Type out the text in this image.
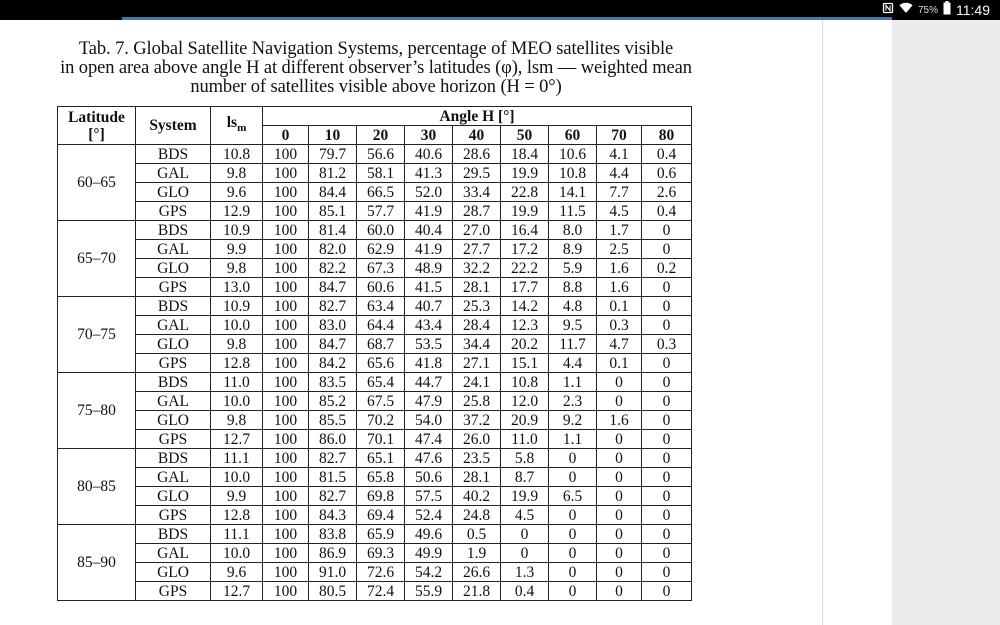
75% 11:49
Tab. 7. Global Satellite Navigation Systems, percentage of MEO satellites visible
in open area above angle H at different observer’s latitudes (φ), lsm — weighted mean
number of satellites visible above horizon (H = 0°)
Latitude
[°]	System	$ls_m$	Angle H [°]								
			0	10	20	30	40	50	60	70	80
60–65	BDS	10.8	100	79.7	56.6	40.6	28.6	18.4	10.6	4.1	0.4
	GAL	9.8	100	81.2	58.1	41.3	29.5	19.9	10.8	4.4	0.6
	GLO	9.6	100	84.4	66.5	52.0	33.4	22.8	14.1	7.7	2.6
	GPS	12.9	100	85.1	57.7	41.9	28.7	19.9	11.5	4.5	0.4
65–70	BDS	10.9	100	81.4	60.0	40.4	27.0	16.4	8.0	1.7	0
	GAL	9.9	100	82.0	62.9	41.9	27.7	17.2	8.9	2.5	0
	GLO	9.8	100	82.2	67.3	48.9	32.2	22.2	5.9	1.6	0.2
	GPS	13.0	100	84.7	60.6	41.5	28.1	17.7	8.8	1.6	0
70–75	BDS	10.9	100	82.7	63.4	40.7	25.3	14.2	4.8	0.1	0
	GAL	10.0	100	83.0	64.4	43.4	28.4	12.3	9.5	0.3	0
	GLO	9.8	100	84.7	68.7	53.5	34.4	20.2	11.7	4.7	0.3
	GPS	12.8	100	84.2	65.6	41.8	27.1	15.1	4.4	0.1	0
75–80	BDS	11.0	100	83.5	65.4	44.7	24.1	10.8	1.1	0	0
	GAL	10.0	100	85.2	67.5	47.9	25.8	12.0	2.3	0	0
	GLO	9.8	100	85.5	70.2	54.0	37.2	20.9	9.2	1.6	0
	GPS	12.7	100	86.0	70.1	47.4	26.0	11.0	1.1	0	0
80–85	BDS	11.1	100	82.7	65.1	47.6	23.5	5.8	0	0	0
	GAL	10.0	100	81.5	65.8	50.6	28.1	8.7	0	0	0
	GLO	9.9	100	82.7	69.8	57.5	40.2	19.9	6.5	0	0
	GPS	12.8	100	84.3	69.4	52.4	24.8	4.5	0	0	0
85–90	BDS	11.1	100	83.8	65.9	49.6	0.5	0	0	0	0
	GAL	10.0	100	86.9	69.3	49.9	1.9	0	0	0	0
	GLO	9.6	100	91.0	72.6	54.2	26.6	1.3	0	0	0
	GPS	12.7	100	80.5	72.4	55.9	21.8	0.4	0	0	0
